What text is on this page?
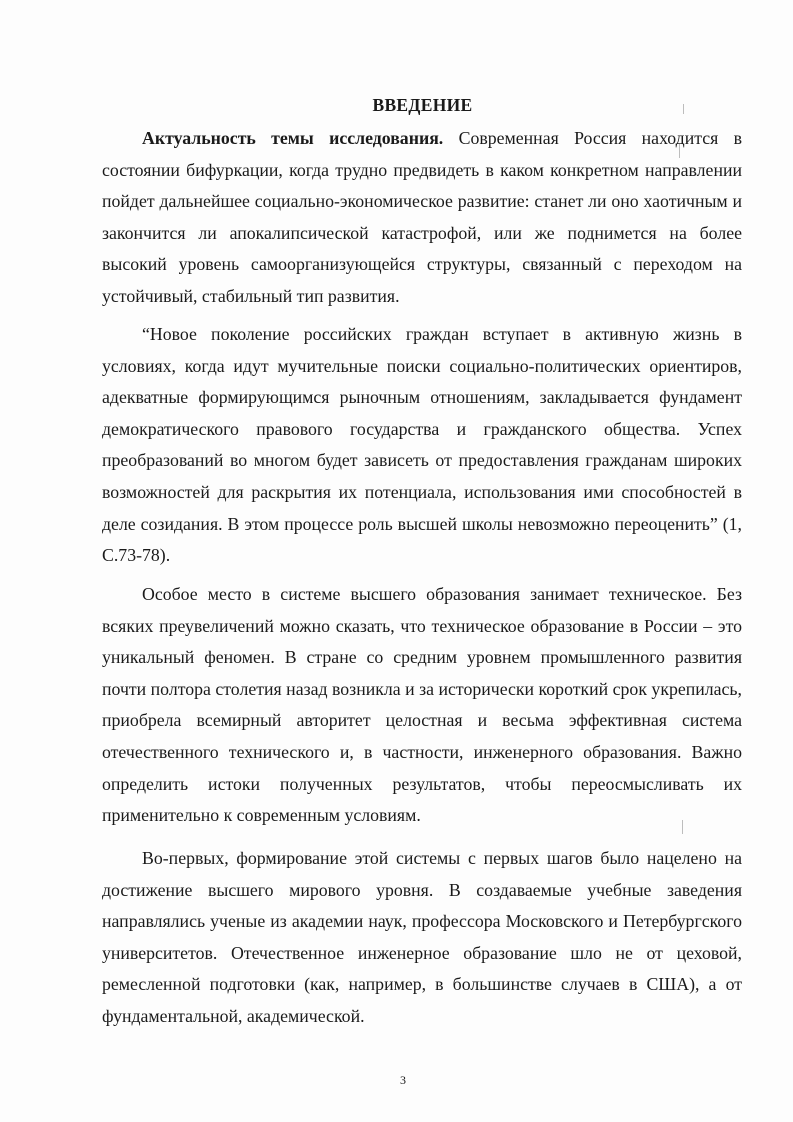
ВВЕДЕНИЕ

Актуальность темы исследования. Современная Россия находится в состоянии бифуркации, когда трудно предвидеть в каком конкретном направлении пойдет дальнейшее социально-экономическое развитие: станет ли оно хаотичным и закончится ли апокалипсической катастрофой, или же поднимется на более высокий уровень самоорганизующейся структуры, связанный с переходом на устойчивый, стабильный тип развития.

“Новое поколение российских граждан вступает в активную жизнь в условиях, когда идут мучительные поиски социально-политических ориентиров, адекватные формирующимся рыночным отношениям, закладывается фундамент демократического правового государства и гражданского общества. Успех преобразований во многом будет зависеть от предоставления гражданам широких возможностей для раскрытия их потенциала, использования ими способностей в деле созидания. В этом процессе роль высшей школы невозможно переоценить” (1, С.73-78).

Особое место в системе высшего образования занимает техническое. Без всяких преувеличений можно сказать, что техническое образование в России – это уникальный феномен. В стране со средним уровнем промышленного развития почти полтора столетия назад возникла и за исторически короткий срок укрепилась, приобрела всемирный авторитет целостная и весьма эффективная система отечественного технического и, в частности, инженерного образования. Важно определить истоки полученных результатов, чтобы переосмысливать их применительно к современным условиям.

Во-первых, формирование этой системы с первых шагов было нацелено на достижение высшего мирового уровня. В создаваемые учебные заведения направлялись ученые из академии наук, профессора Московского и Петербургского университетов. Отечественное инженерное образование шло не от цеховой, ремесленной подготовки (как, например, в большинстве случаев в США), а от фундаментальной, академической.

3
